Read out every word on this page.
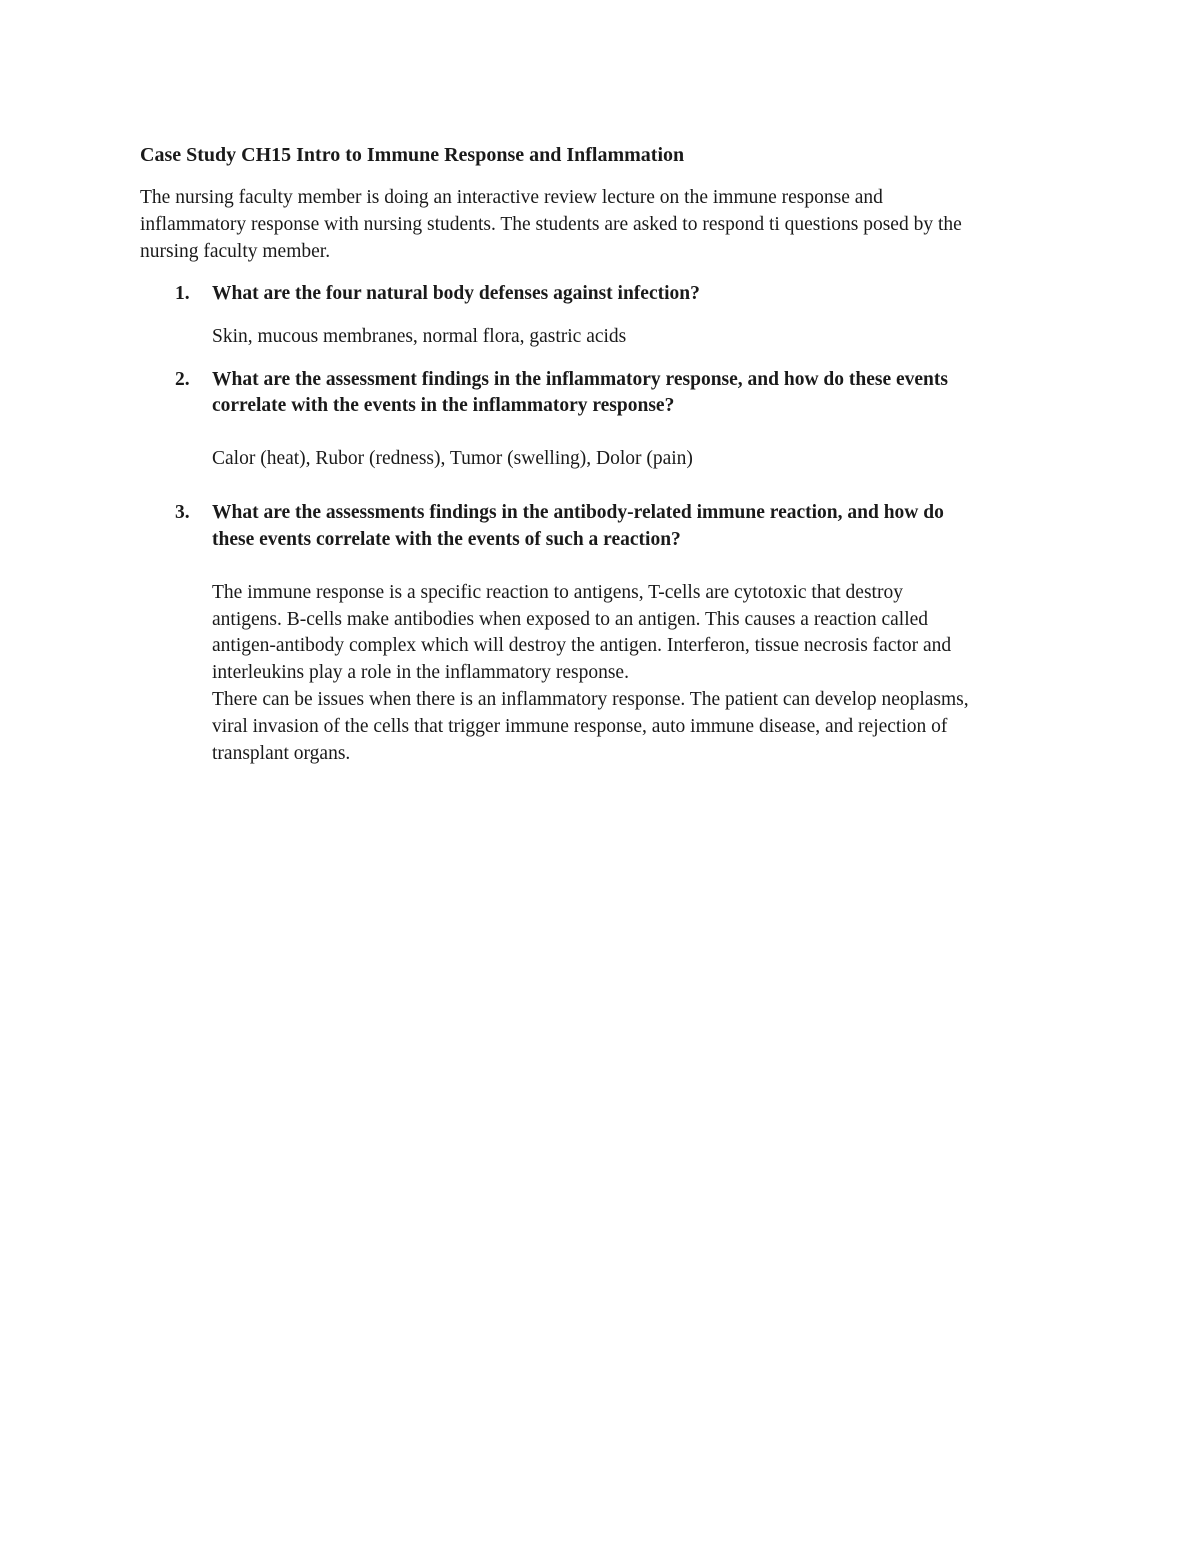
Case Study CH15 Intro to Immune Response and Inflammation
The nursing faculty member is doing an interactive review lecture on the immune response and
inflammatory response with nursing students. The students are asked to respond ti questions posed by the
nursing faculty member.
1. What are the four natural body defenses against infection?
Skin, mucous membranes, normal flora, gastric acids
2. What are the assessment findings in the inflammatory response, and how do these events
correlate with the events in the inflammatory response?
Calor (heat), Rubor (redness), Tumor (swelling), Dolor (pain)
3. What are the assessments findings in the antibody-related immune reaction, and how do
these events correlate with the events of such a reaction?
The immune response is a specific reaction to antigens, T-cells are cytotoxic that destroy
antigens. B-cells make antibodies when exposed to an antigen. This causes a reaction called
antigen-antibody complex which will destroy the antigen. Interferon, tissue necrosis factor and
interleukins play a role in the inflammatory response.
There can be issues when there is an inflammatory response. The patient can develop neoplasms,
viral invasion of the cells that trigger immune response, auto immune disease, and rejection of
transplant organs.
